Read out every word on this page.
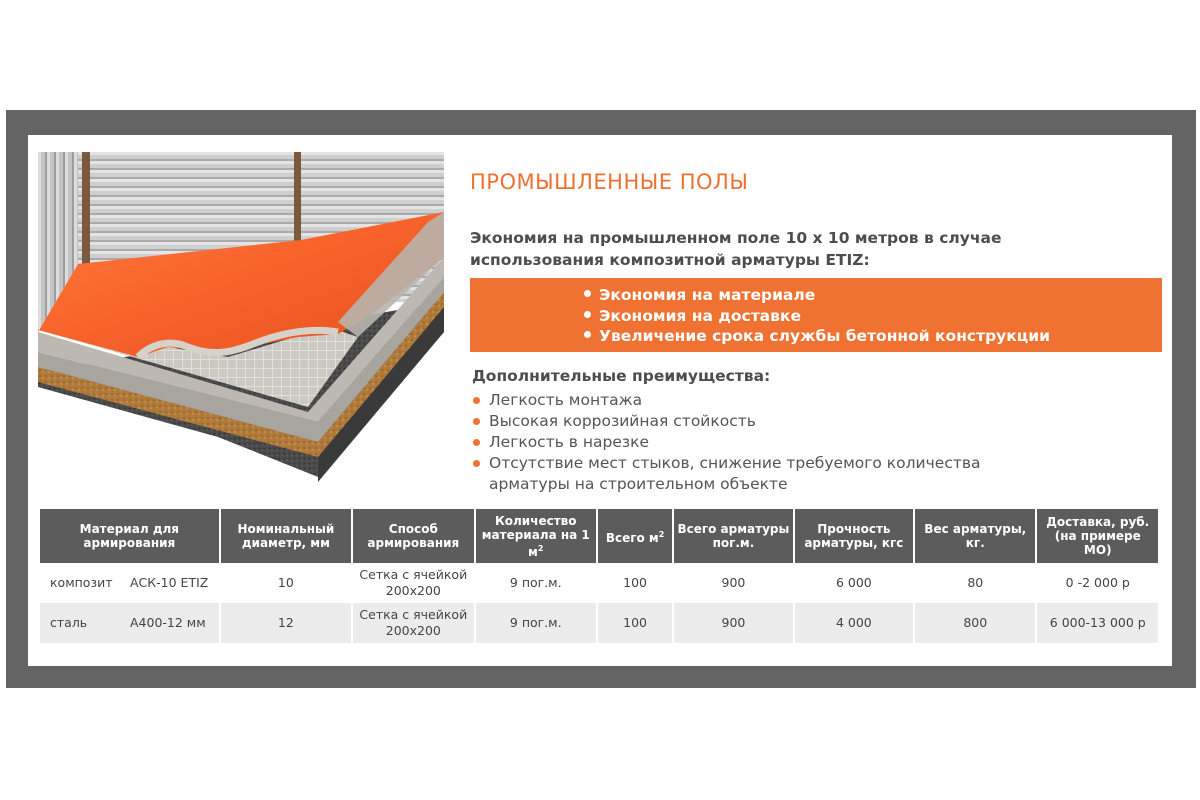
ПРОМЫШЛЕННЫЕ ПОЛЫ
Экономия на промышленном поле 10 х 10 метров в случае использования композитной арматуры ETIZ:
Экономия на материале
Экономия на доставке
Увеличение срока службы бетонной конструкции
Дополнительные преимущества:
Легкость монтажа
Высокая коррозийная стойкость
Легкость в нарезке
Отсутствие мест стыков, снижение требуемого количества арматуры на строительном объекте
Материал для армирования	Номинальный диаметр, мм	Способ армирования	Количество материала на 1 $м^2$	Всего $м^2$	Всего арматуры пог.м.	Прочность арматуры, кгс	Вес арматуры, кг.	Доставка, руб. (на примере МО)
композит АСК-10 ETIZ	10	Сетка с ячейкой 200х200	9 пог.м.	100	900	6 000	80	0 -2 000 р
сталь А400-12 мм	12	Сетка с ячейкой 200х200	9 пог.м.	100	900	4 000	800	6 000-13 000 р
